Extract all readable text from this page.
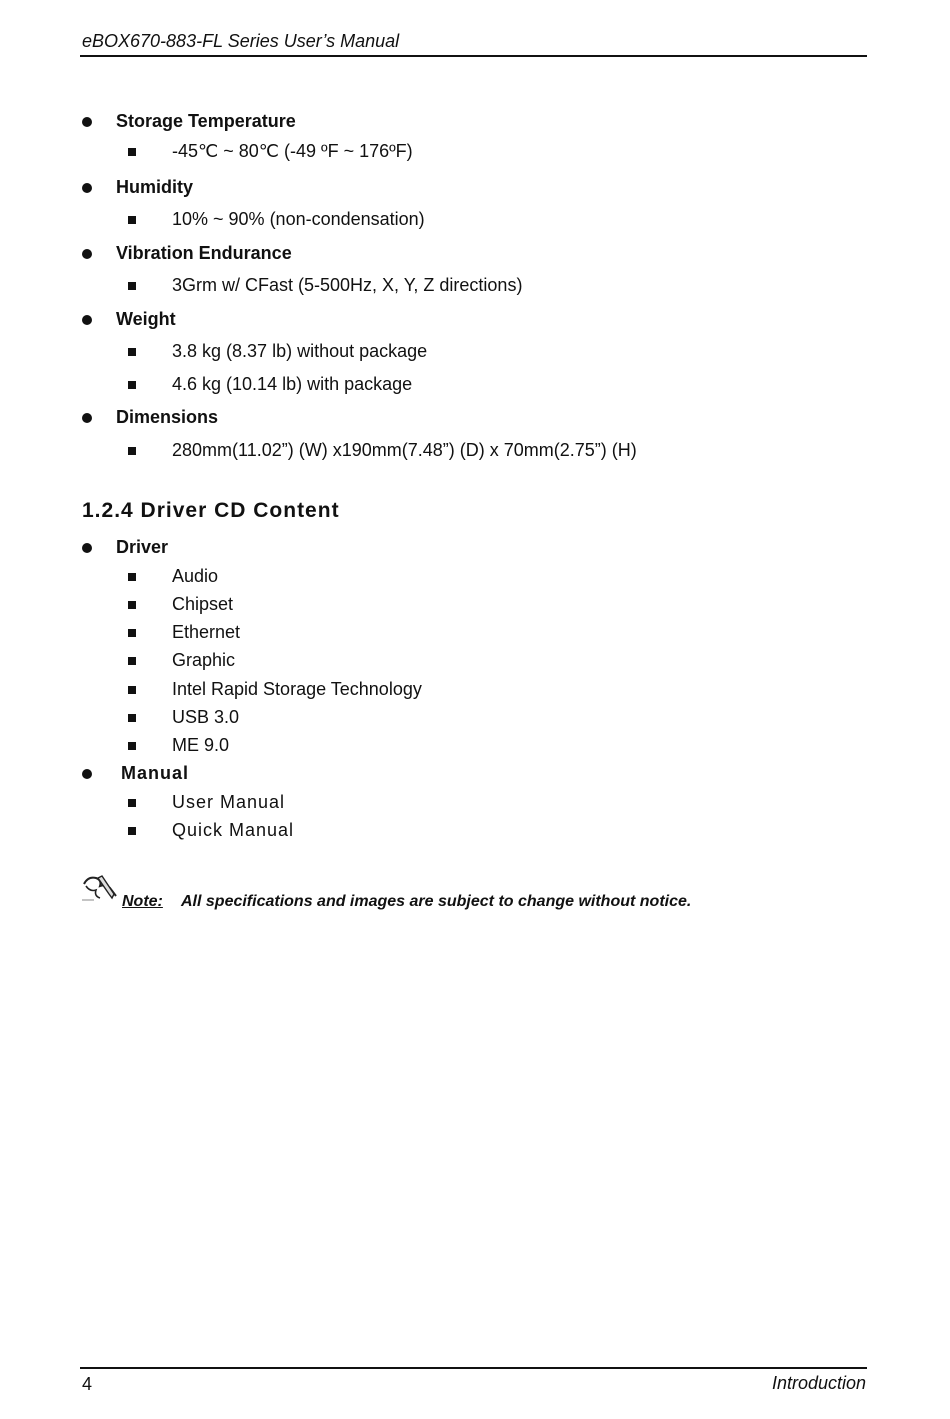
eBOX670-883-FL Series User’s Manual
Storage Temperature
-45℃ ~ 80℃ (-49 ºF ~ 176ºF)
Humidity
10% ~ 90% (non-condensation)
Vibration Endurance
3Grm w/ CFast (5-500Hz, X, Y, Z directions)
Weight
3.8 kg (8.37 lb) without package
4.6 kg (10.14 lb) with package
Dimensions
280mm(11.02”) (W) x190mm(7.48”) (D) x 70mm(2.75”) (H)
1.2.4 Driver CD Content
Driver
Audio
Chipset
Ethernet
Graphic
Intel Rapid Storage Technology
USB 3.0
ME 9.0
Manual
User Manual
Quick Manual
Note: All specifications and images are subject to change without notice.
4	Introduction
